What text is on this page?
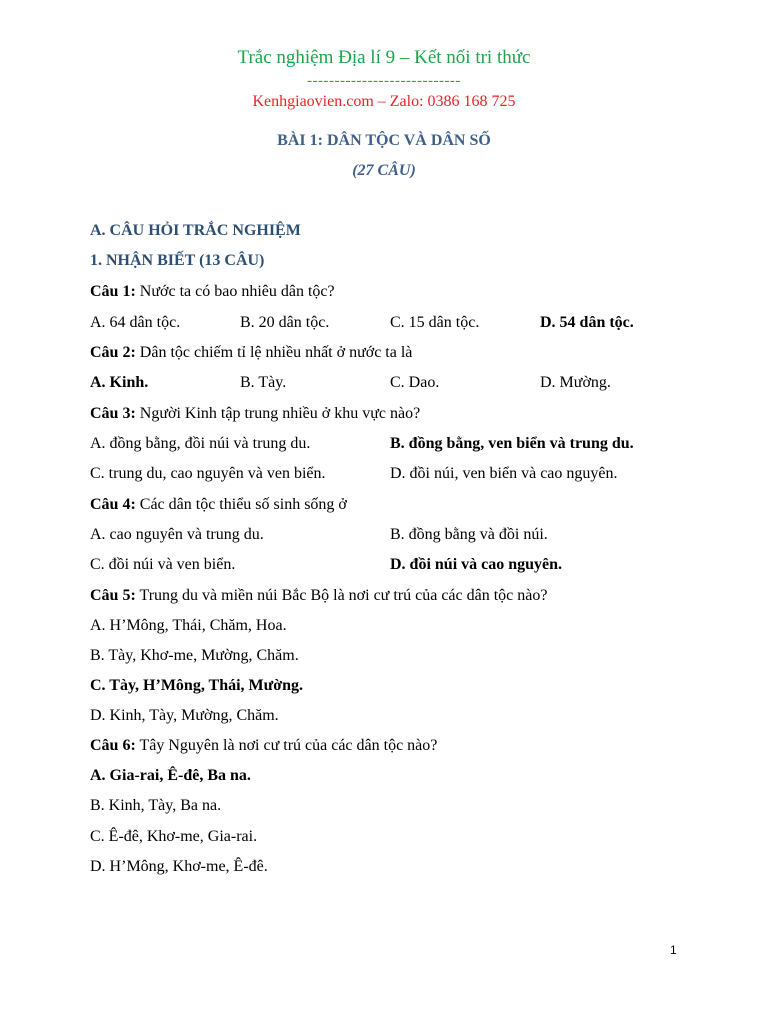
Trắc nghiệm Địa lí 9 – Kết nối tri thức
----------------------------
Kenhgiaovien.com – Zalo: 0386 168 725
BÀI 1: DÂN TỘC VÀ DÂN SỐ
(27 CÂU)
A. CÂU HỎI TRẮC NGHIỆM
1. NHẬN BIẾT (13 CÂU)
Câu 1: Nước ta có bao nhiêu dân tộc?
A. 64 dân tộc.	B. 20 dân tộc.	C. 15 dân tộc.	D. 54 dân tộc.
Câu 2: Dân tộc chiếm tỉ lệ nhiều nhất ở nước ta là
A. Kinh.	B. Tày.	C. Dao.	D. Mường.
Câu 3: Người Kinh tập trung nhiều ở khu vực nào?
A. đồng bằng, đồi núi và trung du.	B. đồng bằng, ven biển và trung du.
C. trung du, cao nguyên và ven biển.	D. đồi núi, ven biển và cao nguyên.
Câu 4: Các dân tộc thiểu số sinh sống ở
A. cao nguyên và trung du.	B. đồng bằng và đồi núi.
C. đồi núi và ven biển.	D. đồi núi và cao nguyên.
Câu 5: Trung du và miền núi Bắc Bộ là nơi cư trú của các dân tộc nào?
A. H’Mông, Thái, Chăm, Hoa.
B. Tày, Khơ-me, Mường, Chăm.
C. Tày, H’Mông, Thái, Mường.
D. Kinh, Tày, Mường, Chăm.
Câu 6: Tây Nguyên là nơi cư trú của các dân tộc nào?
A. Gia-rai, Ê-đê, Ba na.
B. Kinh, Tày, Ba na.
C. Ê-đê, Khơ-me, Gia-rai.
D. H’Mông, Khơ-me, Ê-đê.
1
